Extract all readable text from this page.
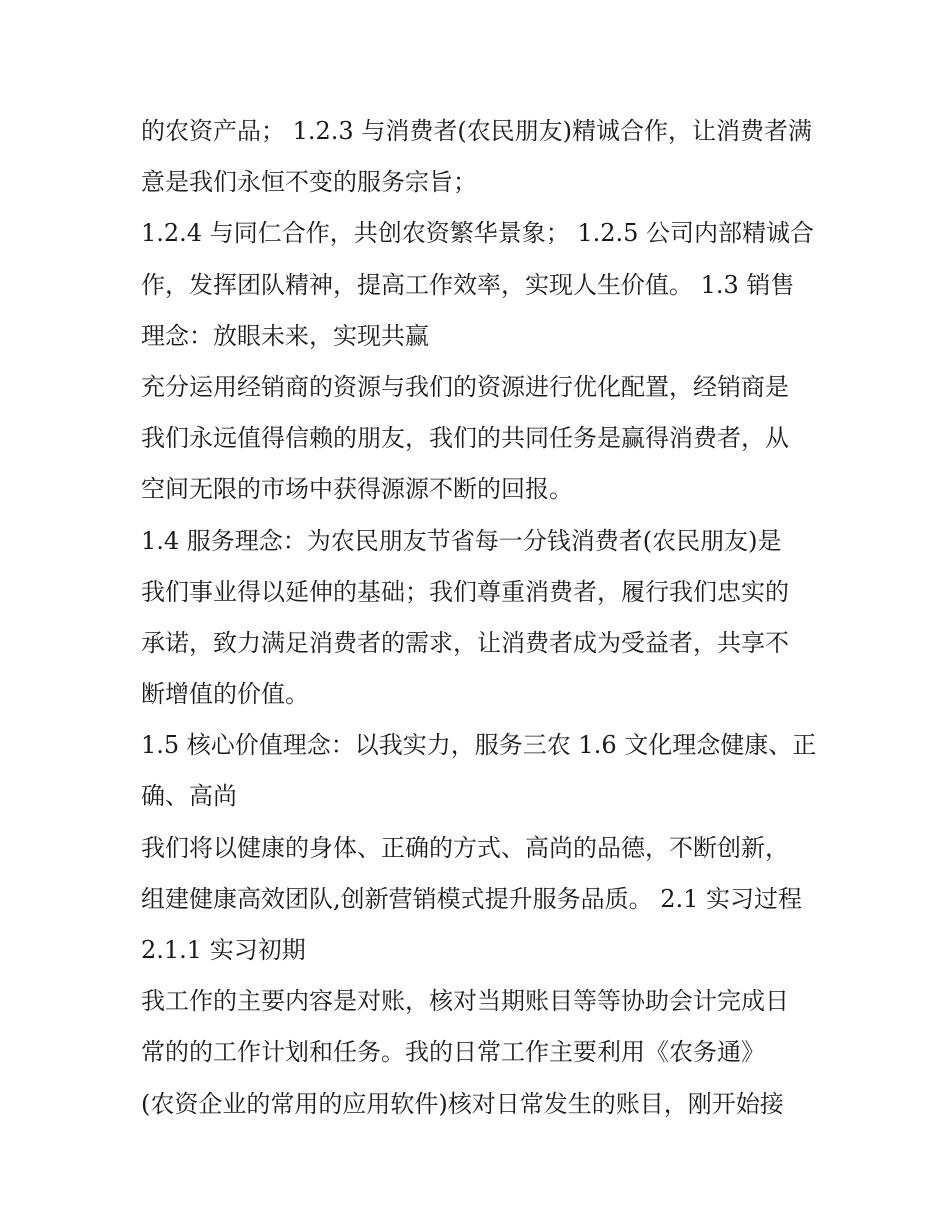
的农资产品； 1.2.3 与消费者(农民朋友)精诚合作，让消费者满
意是我们永恒不变的服务宗旨；
1.2.4 与同仁合作，共创农资繁华景象； 1.2.5 公司内部精诚合
作，发挥团队精神，提高工作效率，实现人生价值。 1.3 销售
理念：放眼未来，实现共赢
充分运用经销商的资源与我们的资源进行优化配置，经销商是
我们永远值得信赖的朋友，我们的共同任务是赢得消费者，从
空间无限的市场中获得源源不断的回报。
1.4 服务理念：为农民朋友节省每一分钱消费者(农民朋友)是
我们事业得以延伸的基础；我们尊重消费者，履行我们忠实的
承诺，致力满足消费者的需求，让消费者成为受益者，共享不
断增值的价值。
1.5 核心价值理念：以我实力，服务三农 1.6 文化理念健康、正
确、高尚
我们将以健康的身体、正确的方式、高尚的品德，不断创新，
组建健康高效团队,创新营销模式提升服务品质。 2.1 实习过程
2.1.1 实习初期
我工作的主要内容是对账，核对当期账目等等协助会计完成日
常的的工作计划和任务。我的日常工作主要利用《农务通》
(农资企业的常用的应用软件)核对日常发生的账目，刚开始接
